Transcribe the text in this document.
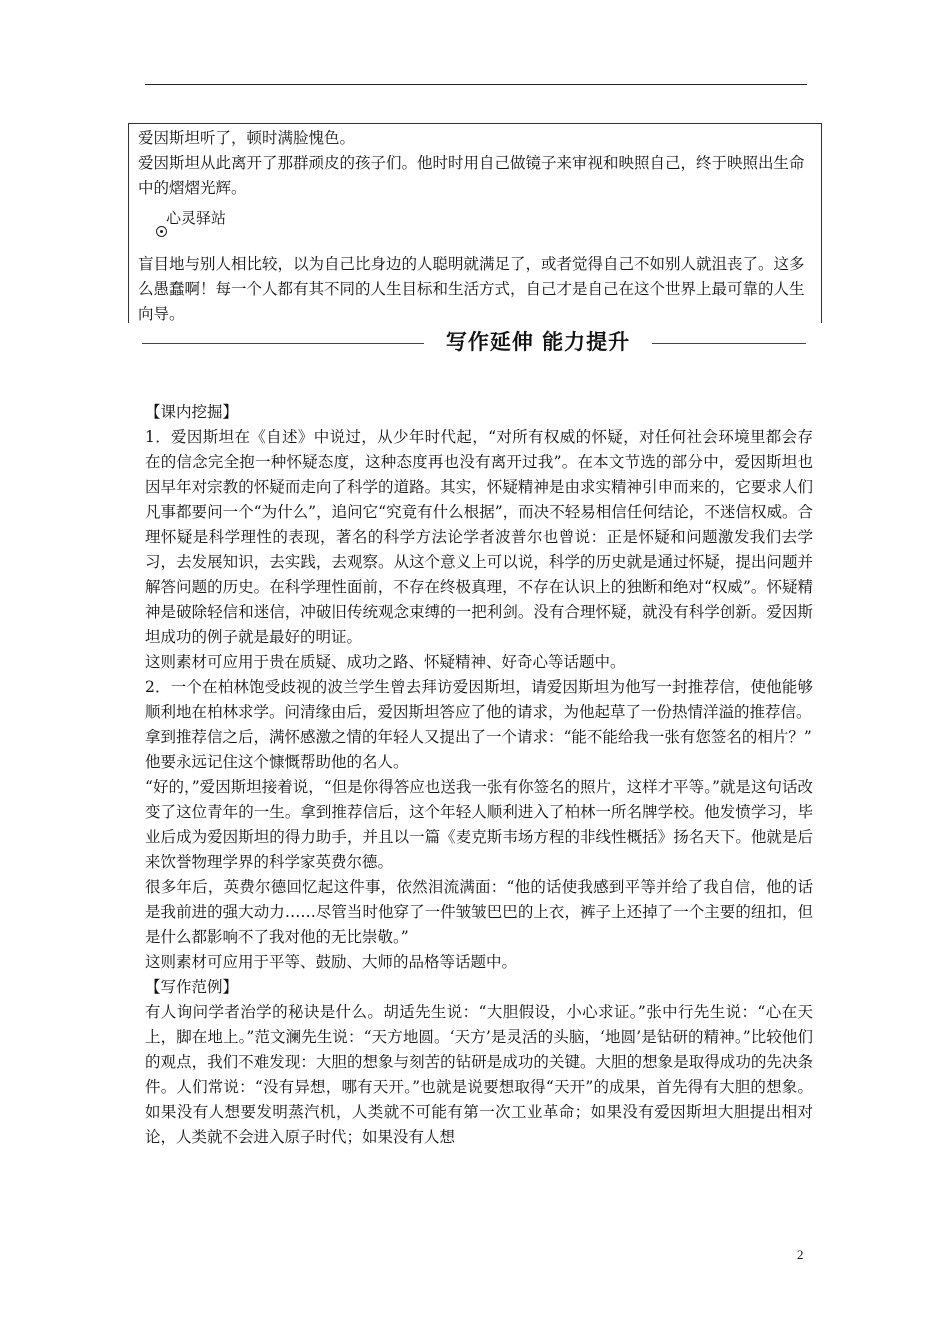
爱因斯坦听了，顿时满脸愧色。

爱因斯坦从此离开了那群顽皮的孩子们。他时时用自己做镜子来审视和映照自己，终于映照出生命中的熠熠光辉。

心灵驿站

盲目地与别人相比较，以为自己比身边的人聪明就满足了，或者觉得自己不如别人就沮丧了。这多么愚蠢啊！每一个人都有其不同的人生目标和生活方式，自己才是自己在这个世界上最可靠的人生向导。

写作延伸 能力提升

【课内挖掘】

1．爱因斯坦在《自述》中说过，从少年时代起，“对所有权威的怀疑，对任何社会环境里都会存在的信念完全抱一种怀疑态度，这种态度再也没有离开过我”。在本文节选的部分中，爱因斯坦也因早年对宗教的怀疑而走向了科学的道路。其实，怀疑精神是由求实精神引申而来的，它要求人们凡事都要问一个“为什么”，追问它“究竟有什么根据”，而决不轻易相信任何结论，不迷信权威。合理怀疑是科学理性的表现，著名的科学方法论学者波普尔也曾说：正是怀疑和问题激发我们去学习，去发展知识，去实践，去观察。从这个意义上可以说，科学的历史就是通过怀疑，提出问题并解答问题的历史。在科学理性面前，不存在终极真理，不存在认识上的独断和绝对“权威”。怀疑精神是破除轻信和迷信，冲破旧传统观念束缚的一把利剑。没有合理怀疑，就没有科学创新。爱因斯坦成功的例子就是最好的明证。

这则素材可应用于贵在质疑、成功之路、怀疑精神、好奇心等话题中。

2．一个在柏林饱受歧视的波兰学生曾去拜访爱因斯坦，请爱因斯坦为他写一封推荐信，使他能够顺利地在柏林求学。问清缘由后，爱因斯坦答应了他的请求，为他起草了一份热情洋溢的推荐信。

拿到推荐信之后，满怀感激之情的年轻人又提出了一个请求：“能不能给我一张有您签名的相片？”

他要永远记住这个慷慨帮助他的名人。

“好的，”爱因斯坦接着说，“但是你得答应也送我一张有你签名的照片，这样才平等。”就是这句话改变了这位青年的一生。拿到推荐信后，这个年轻人顺利进入了柏林一所名牌学校。他发愤学习，毕业后成为爱因斯坦的得力助手，并且以一篇《麦克斯韦场方程的非线性概括》扬名天下。他就是后来饮誉物理学界的科学家英费尔德。

很多年后，英费尔德回忆起这件事，依然泪流满面：“他的话使我感到平等并给了我自信，他的话是我前进的强大动力……尽管当时他穿了一件皱皱巴巴的上衣，裤子上还掉了一个主要的纽扣，但是什么都影响不了我对他的无比崇敬。”

这则素材可应用于平等、鼓励、大师的品格等话题中。

【写作范例】

有人询问学者治学的秘诀是什么。胡适先生说：“大胆假设，小心求证。”张中行先生说：“心在天上，脚在地上。”范文澜先生说：“天方地圆。‘天方’是灵活的头脑，‘地圆’是钻研的精神。”比较他们的观点，我们不难发现：大胆的想象与刻苦的钻研是成功的关键。大胆的想象是取得成功的先决条件。人们常说：“没有异想，哪有天开。”也就是说要想取得“天开”的成果，首先得有大胆的想象。如果没有人想要发明蒸汽机，人类就不可能有第一次工业革命；如果没有爱因斯坦大胆提出相对论，人类就不会进入原子时代；如果没有人想

2
